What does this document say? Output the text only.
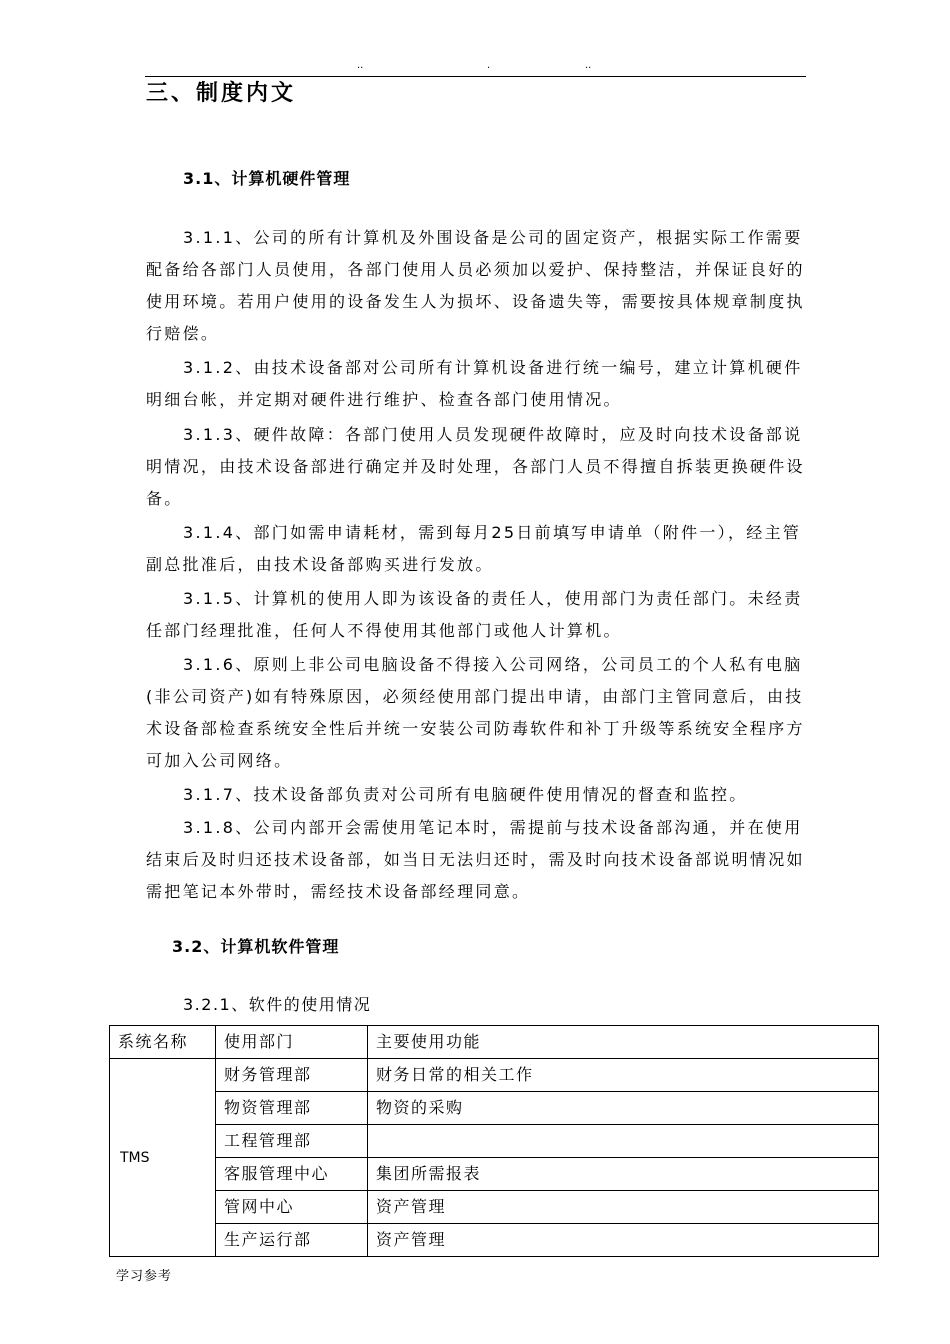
..	.	..
三、制度内文
3.1、计算机硬件管理

3.1.1、公司的所有计算机及外围设备是公司的固定资产，根据实际工作需要配备给各部门人员使用，各部门使用人员必须加以爱护、保持整洁，并保证良好的使用环境。若用户使用的设备发生人为损坏、设备遗失等，需要按具体规章制度执行赔偿。

3.1.2、由技术设备部对公司所有计算机设备进行统一编号，建立计算机硬件明细台帐，并定期对硬件进行维护、检查各部门使用情况。

3.1.3、硬件故障：各部门使用人员发现硬件故障时，应及时向技术设备部说明情况，由技术设备部进行确定并及时处理，各部门人员不得擅自拆装更换硬件设备。

3.1.4、部门如需申请耗材，需到每月25日前填写申请单（附件一），经主管副总批准后，由技术设备部购买进行发放。

3.1.5、计算机的使用人即为该设备的责任人，使用部门为责任部门。未经责任部门经理批准，任何人不得使用其他部门或他人计算机。

3.1.6、原则上非公司电脑设备不得接入公司网络，公司员工的个人私有电脑(非公司资产)如有特殊原因，必须经使用部门提出申请，由部门主管同意后，由技术设备部检查系统安全性后并统一安装公司防毒软件和补丁升级等系统安全程序方可加入公司网络。

3.1.7、技术设备部负责对公司所有电脑硬件使用情况的督查和监控。

3.1.8、公司内部开会需使用笔记本时，需提前与技术设备部沟通，并在使用结束后及时归还技术设备部，如当日无法归还时，需及时向技术设备部说明情况如需把笔记本外带时，需经技术设备部经理同意。

3.2、计算机软件管理
3.2.1、软件的使用情况
系统名称	使用部门	主要使用功能
TMS	财务管理部	财务日常的相关工作
	物资管理部	物资的采购
	工程管理部	
	客服管理中心	集团所需报表
	管网中心	资产管理
	生产运行部	资产管理
学习参考
